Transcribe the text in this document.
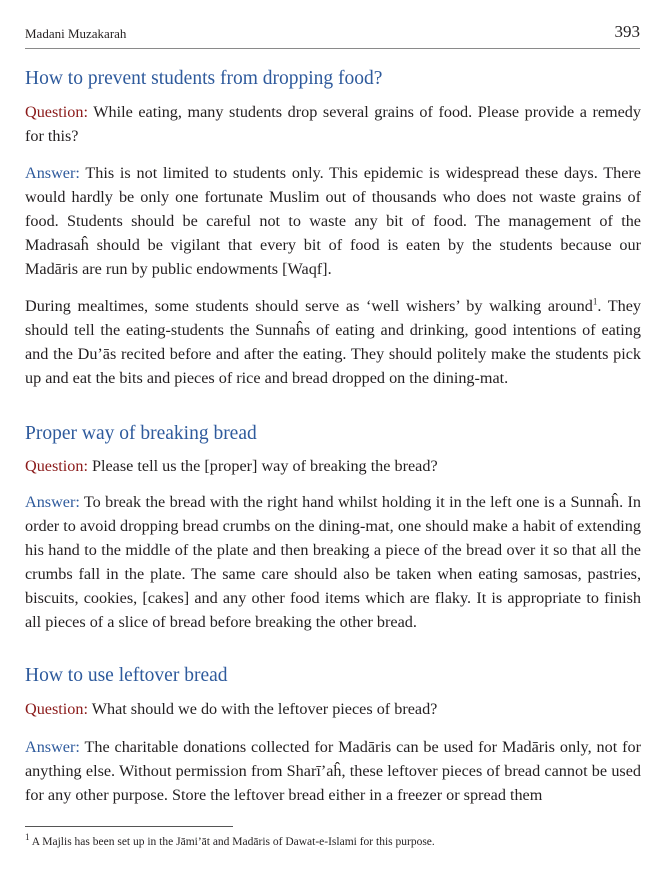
Madani Muzakarah	393
How to prevent students from dropping food?

Question: While eating, many students drop several grains of food. Please provide a remedy for this?

Answer: This is not limited to students only. This epidemic is widespread these days. There would hardly be only one fortunate Muslim out of thousands who does not waste grains of food. Students should be careful not to waste any bit of food. The management of the Madrasaĥ should be vigilant that every bit of food is eaten by the students because our Madāris are run by public endowments [Waqf].

During mealtimes, some students should serve as ‘well wishers’ by walking around$^1$. They should tell the eating-students the Sunnaĥs of eating and drinking, good intentions of eating and the Du’ās recited before and after the eating. They should politely make the students pick up and eat the bits and pieces of rice and bread dropped on the dining-mat.

Proper way of breaking bread

Question: Please tell us the [proper] way of breaking the bread?

Answer: To break the bread with the right hand whilst holding it in the left one is a Sunnaĥ. In order to avoid dropping bread crumbs on the dining-mat, one should make a habit of extending his hand to the middle of the plate and then breaking a piece of the bread over it so that all the crumbs fall in the plate. The same care should also be taken when eating samosas, pastries, biscuits, cookies, [cakes] and any other food items which are flaky. It is appropriate to finish all pieces of a slice of bread before breaking the other bread.

How to use leftover bread

Question: What should we do with the leftover pieces of bread?

Answer: The charitable donations collected for Madāris can be used for Madāris only, not for anything else. Without permission from Sharī’aĥ, these leftover pieces of bread cannot be used for any other purpose. Store the leftover bread either in a freezer or spread them

$^1$ A Majlis has been set up in the Jāmi’āt and Madāris of Dawat-e-Islami for this purpose.
